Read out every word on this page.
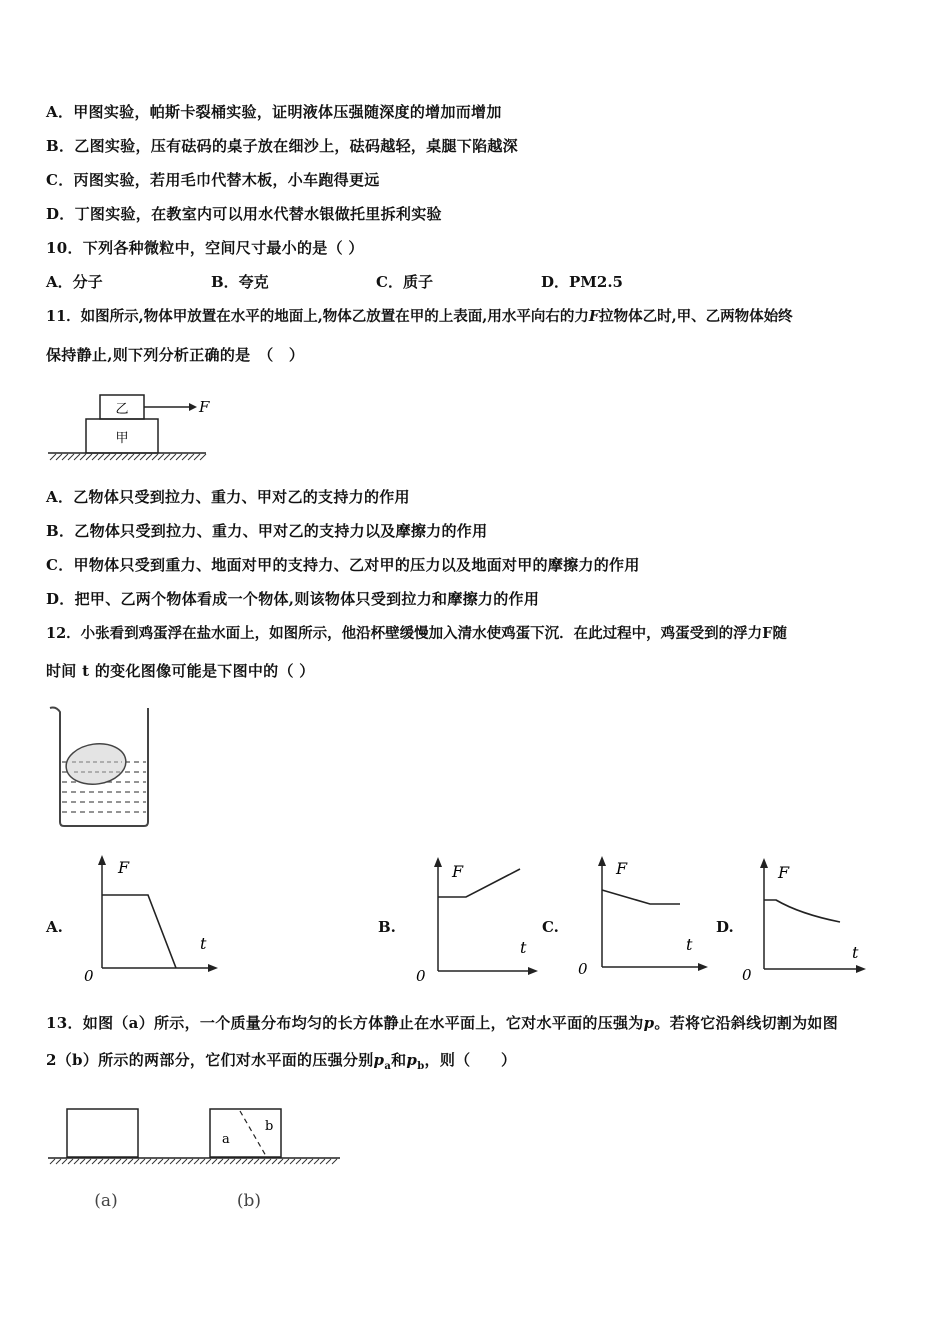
A．甲图实验，帕斯卡裂桶实验，证明液体压强随深度的增加而增加
B．乙图实验，压有砝码的桌子放在细沙上，砝码越轻，桌腿下陷越深
C．丙图实验，若用毛巾代替木板，小车跑得更远
D．丁图实验，在教室内可以用水代替水银做托里拆利实验
10．下列各种微粒中，空间尺寸最小的是（ ）
A．分子	B．夸克	C．质子	D．PM2.5
11．如图所示,物体甲放置在水平的地面上,物体乙放置在甲的上表面,用水平向右的力F拉物体乙时,甲、乙两物体始终
保持静止,则下列分析正确的是　（　）
乙
甲
F
A．乙物体只受到拉力、重力、甲对乙的支持力的作用
B．乙物体只受到拉力、重力、甲对乙的支持力以及摩擦力的作用
C．甲物体只受到重力、地面对甲的支持力、乙对甲的压力以及地面对甲的摩擦力的作用
D．把甲、乙两个物体看成一个物体,则该物体只受到拉力和摩擦力的作用
12．小张看到鸡蛋浮在盐水面上，如图所示，他沿杯壁缓慢加入清水使鸡蛋下沉．在此过程中，鸡蛋受到的浮力F随
时间 t 的变化图像可能是下图中的（ ）
A.
F
t
0
B.
F
t
0
C.
F
t
0
D.
F
t
0
13．如图（a）所示，一个质量分布均匀的长方体静止在水平面上，它对水平面的压强为p。若将它沿斜线切割为如图
2（b）所示的两部分，它们对水平面的压强分别$p_a$和$p_b$，则（　　）
a
b
(a)	(b)
